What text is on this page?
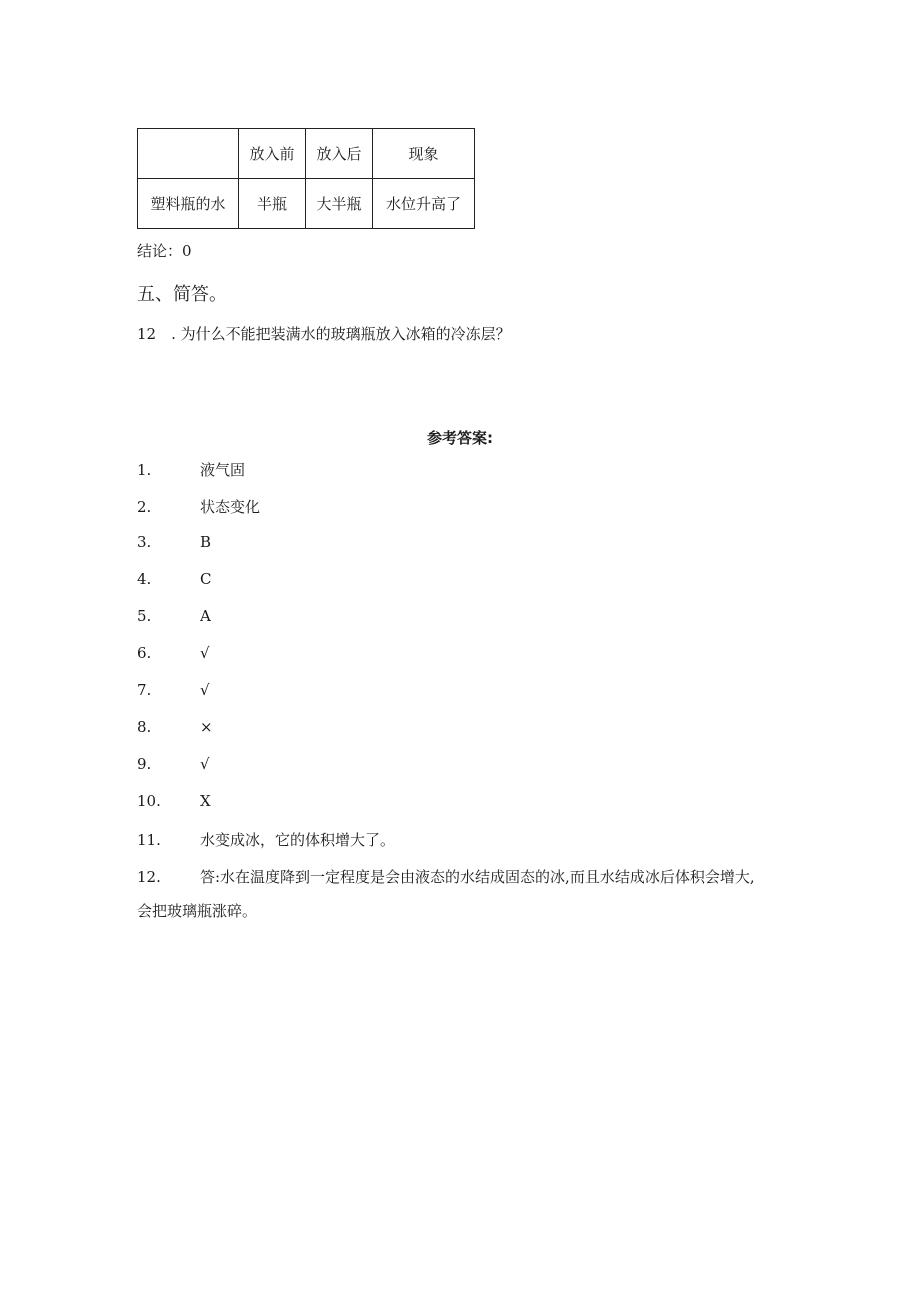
	放入前	放入后	现象
塑料瓶的水	半瓶	大半瓶	水位升高了
结论：0
五、简答。
12　. 为什么不能把装满水的玻璃瓶放入冰箱的冷冻层？
参考答案:
1.	液气固
2.	状态变化
3.	B
4.	C
5.	A
6.	√
7.	√
8.	×
9.	√
10.	X
11.	水变成冰，它的体积增大了。
12.	答:水在温度降到一定程度是会由液态的水结成固态的冰,而且水结成冰后体积会增大,
会把玻璃瓶涨碎。
